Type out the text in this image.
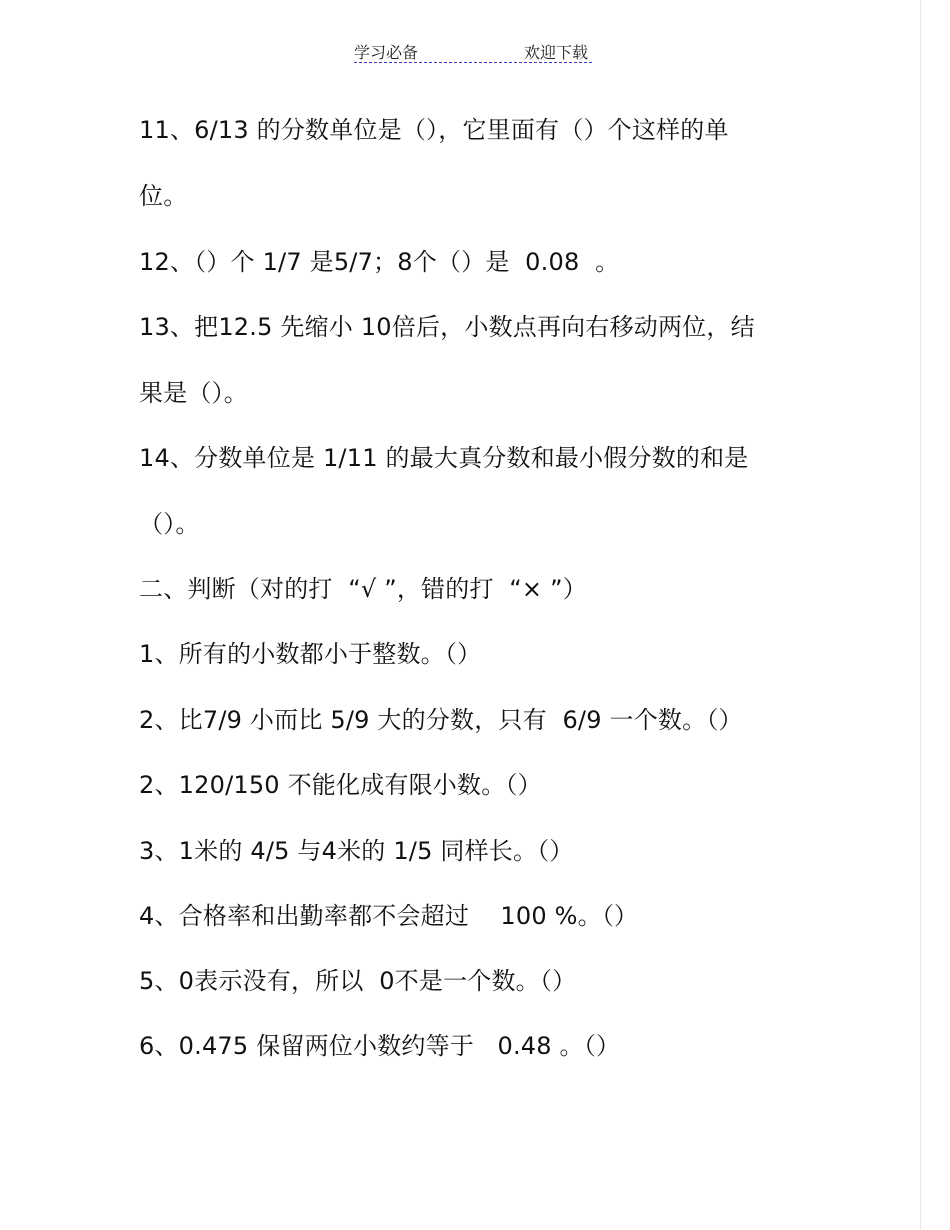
学习必备	欢迎下载
11、6/13 的分数单位是（），它里面有（）个这样的单
位。
12、（）个 1/7 是5/7；8个（）是  0.08  。
13、把12.5 先缩小 10倍后，小数点再向右移动两位，结
果是（）。
14、分数单位是 1/11 的最大真分数和最小假分数的和是
（）。
二、判断（对的打  “√ ”，错的打  “× ”）
1、所有的小数都小于整数。（）
2、比7/9 小而比 5/9 大的分数，只有  6/9 一个数。（）
2、120/150 不能化成有限小数。（）
3、1米的 4/5 与4米的 1/5 同样长。（）
4、合格率和出勤率都不会超过    100 %。（）
5、0表示没有，所以  0不是一个数。（）
6、0.475 保留两位小数约等于   0.48 。（）
